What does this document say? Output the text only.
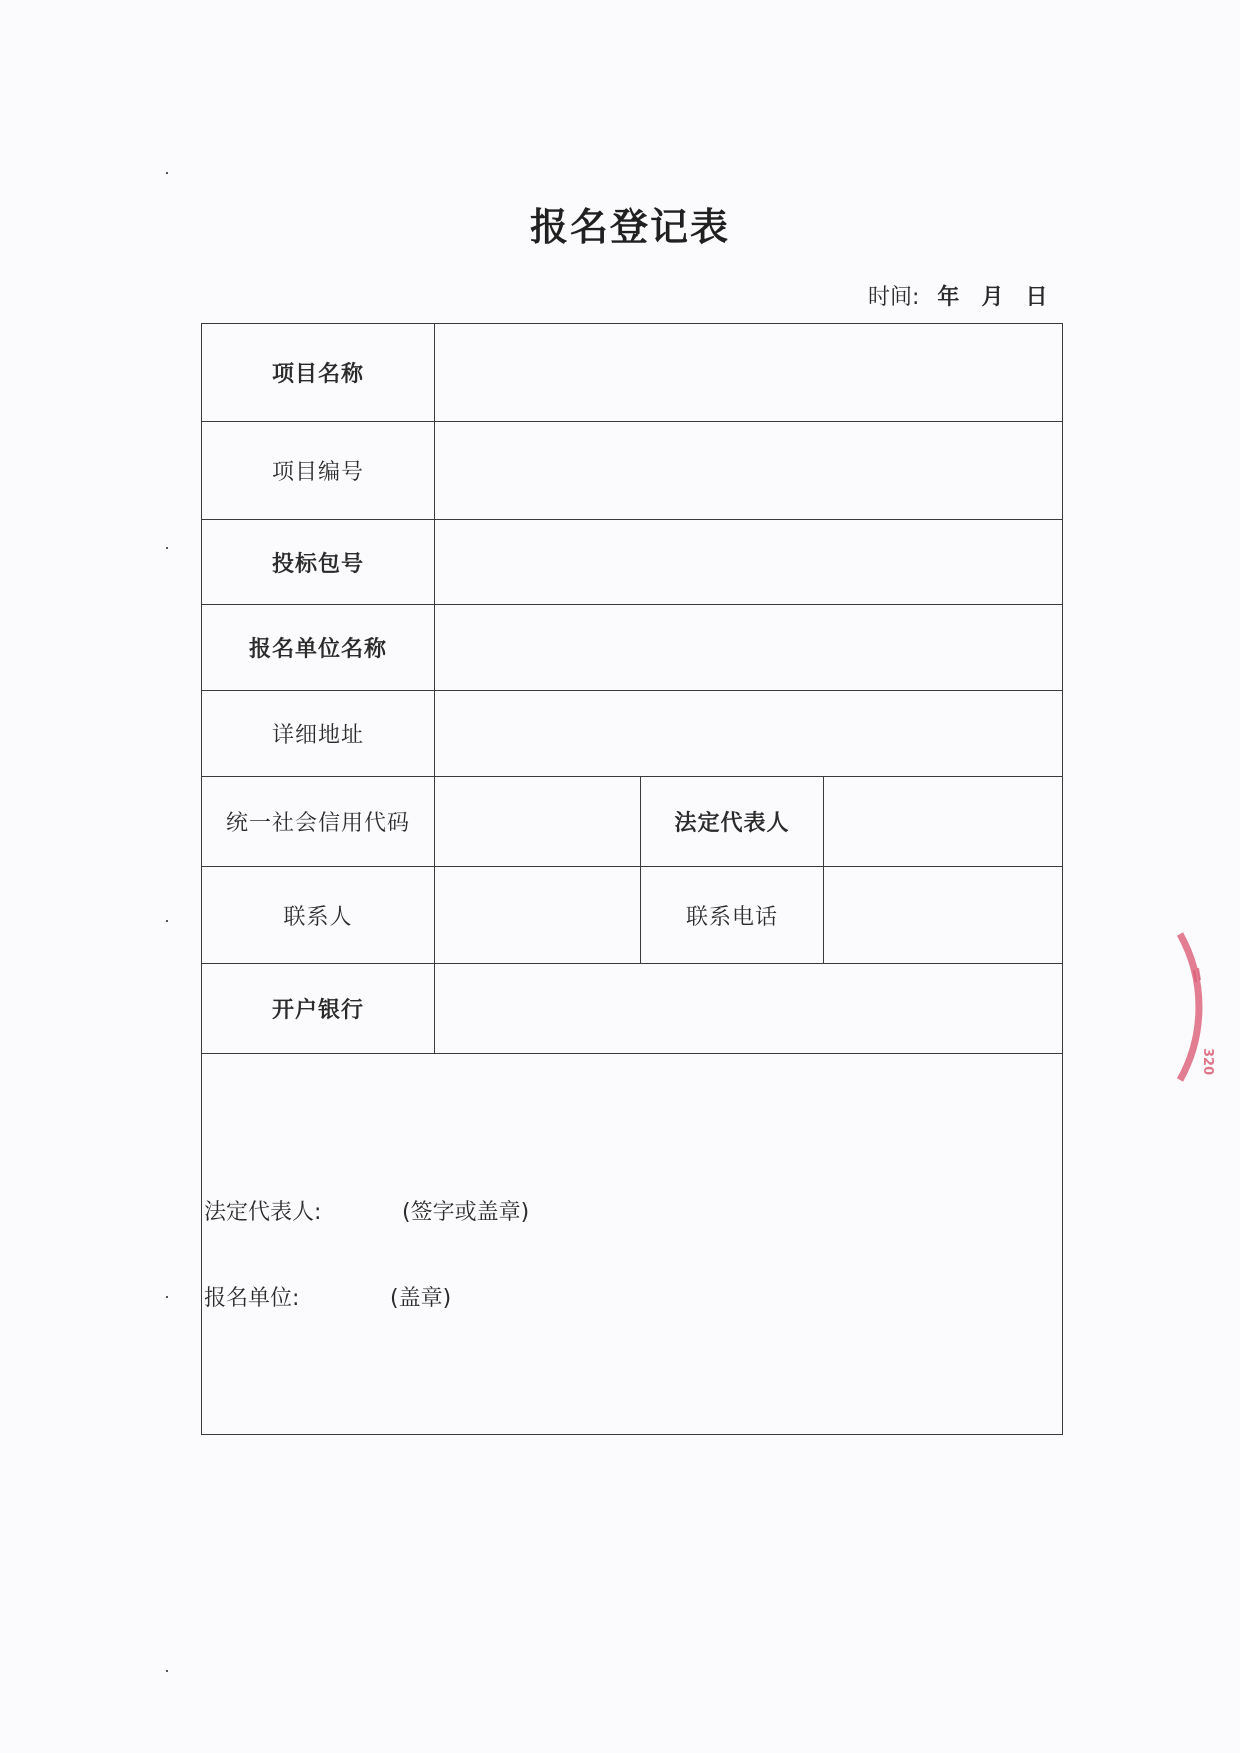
报名登记表
时间: 年 月 日
项目名称			
项目编号			
投标包号			
报名单位名称			
详细地址			
统一社会信用代码		法定代表人	
联系人		联系电话	
开户银行			

法定代表人: (签字或盖章)
报名单位: (盖章)			
320
